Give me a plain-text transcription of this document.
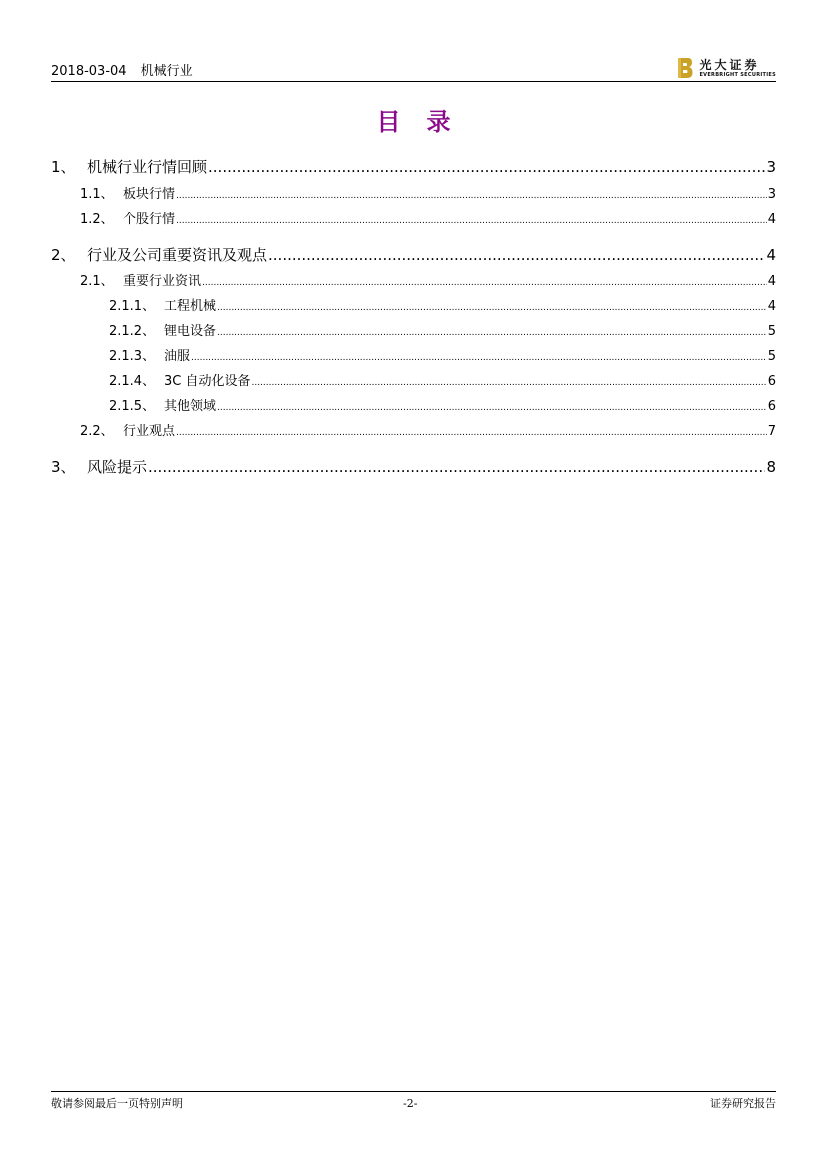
2018-03-04 机械行业	光大证券
EVERBRIGHT SECURITIES
目 录
1、 机械行业行情回顾 .....	3
1.1、 板块行情 .....	3
1.2、 个股行情 .....	4
2、 行业及公司重要资讯及观点 .....	4
2.1、 重要行业资讯 .....	4
2.1.1、 工程机械 .....	4
2.1.2、 锂电设备 .....	5
2.1.3、 油服 .....	5
2.1.4、 3C 自动化设备 .....	6
2.1.5、 其他领域 .....	6
2.2、 行业观点 .....	7
3、 风险提示 .....	8
敬请参阅最后一页特别声明	-2-	证券研究报告
